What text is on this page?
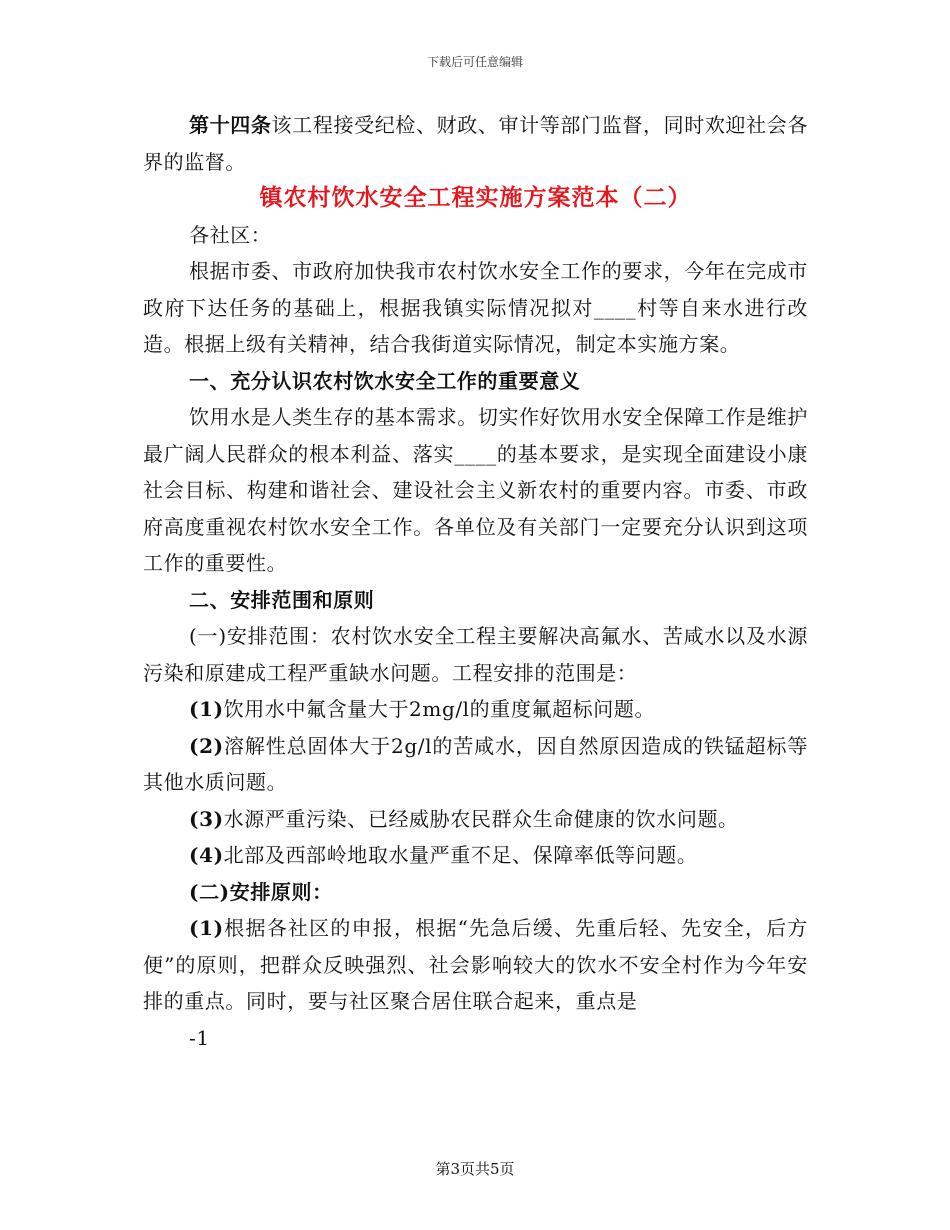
下载后可任意编辑

第十四条该工程接受纪检、财政、审计等部门监督，同时欢迎社会各界的监督。

镇农村饮水安全工程实施方案范本（二）

各社区：

根据市委、市政府加快我市农村饮水安全工作的要求，今年在完成市政府下达任务的基础上，根据我镇实际情况拟对____村等自来水进行改造。根据上级有关精神，结合我街道实际情况，制定本实施方案。

一、充分认识农村饮水安全工作的重要意义

饮用水是人类生存的基本需求。切实作好饮用水安全保障工作是维护最广阔人民群众的根本利益、落实____的基本要求，是实现全面建设小康社会目标、构建和谐社会、建设社会主义新农村的重要内容。市委、市政府高度重视农村饮水安全工作。各单位及有关部门一定要充分认识到这项工作的重要性。

二、安排范围和原则

(一)安排范围：农村饮水安全工程主要解决高氟水、苦咸水以及水源污染和原建成工程严重缺水问题。工程安排的范围是：

(1)饮用水中氟含量大于2mg/l的重度氟超标问题。

(2)溶解性总固体大于2g/l的苦咸水，因自然原因造成的铁锰超标等其他水质问题。

(3)水源严重污染、已经威胁农民群众生命健康的饮水问题。

(4)北部及西部岭地取水量严重不足、保障率低等问题。

(二)安排原则：

(1)根据各社区的申报，根据“先急后缓、先重后轻、先安全，后方便”的原则，把群众反映强烈、社会影响较大的饮水不安全村作为今年安排的重点。同时，要与社区聚合居住联合起来，重点是

-1

第3页共5页
